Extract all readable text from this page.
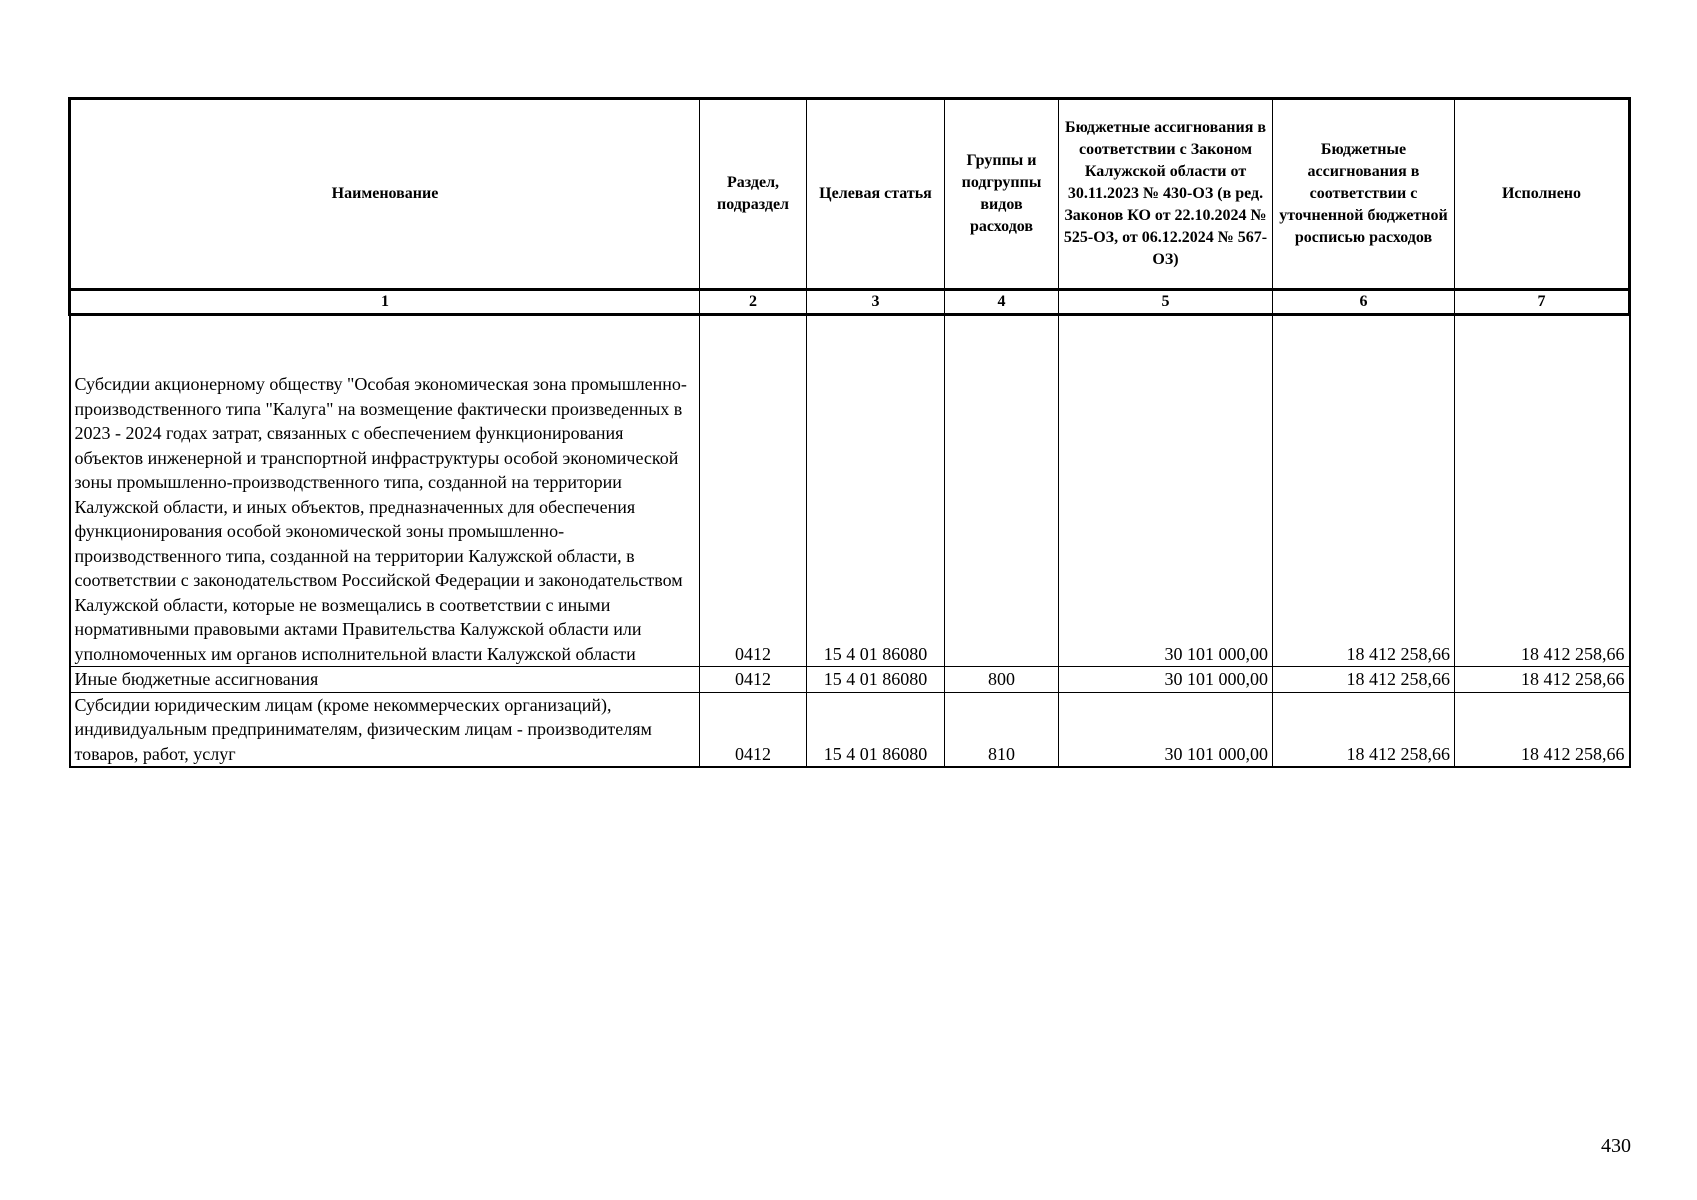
Наименование	Раздел, подраздел	Целевая статья	Группы и подгруппы видов расходов	Бюджетные ассигнования в соответствии с Законом Калужской области от 30.11.2023 № 430-ОЗ (в ред. Законов КО от 22.10.2024 № 525-ОЗ, от 06.12.2024 № 567-ОЗ)	Бюджетные ассигнования в соответствии с уточненной бюджетной росписью расходов	Исполнено
1	2	3	4	5	6	7
Субсидии акционерному обществу "Особая экономическая зона промышленно-производственного типа "Калуга" на возмещение фактически произведенных в 2023 - 2024 годах затрат, связанных с обеспечением функционирования объектов инженерной и транспортной инфраструктуры особой экономической зоны промышленно-производственного типа, созданной на территории Калужской области, и иных объектов, предназначенных для обеспечения функционирования особой экономической зоны промышленно-производственного типа, созданной на территории Калужской области, в соответствии с законодательством Российской Федерации и законодательством Калужской области, которые не возмещались в соответствии с иными нормативными правовыми актами Правительства Калужской области или уполномоченных им органов исполнительной власти Калужской области	0412	15 4 01 86080		30 101 000,00	18 412 258,66	18 412 258,66
Иные бюджетные ассигнования	0412	15 4 01 86080	800	30 101 000,00	18 412 258,66	18 412 258,66
Субсидии юридическим лицам (кроме некоммерческих организаций), индивидуальным предпринимателям, физическим лицам - производителям товаров, работ, услуг	0412	15 4 01 86080	810	30 101 000,00	18 412 258,66	18 412 258,66
430
